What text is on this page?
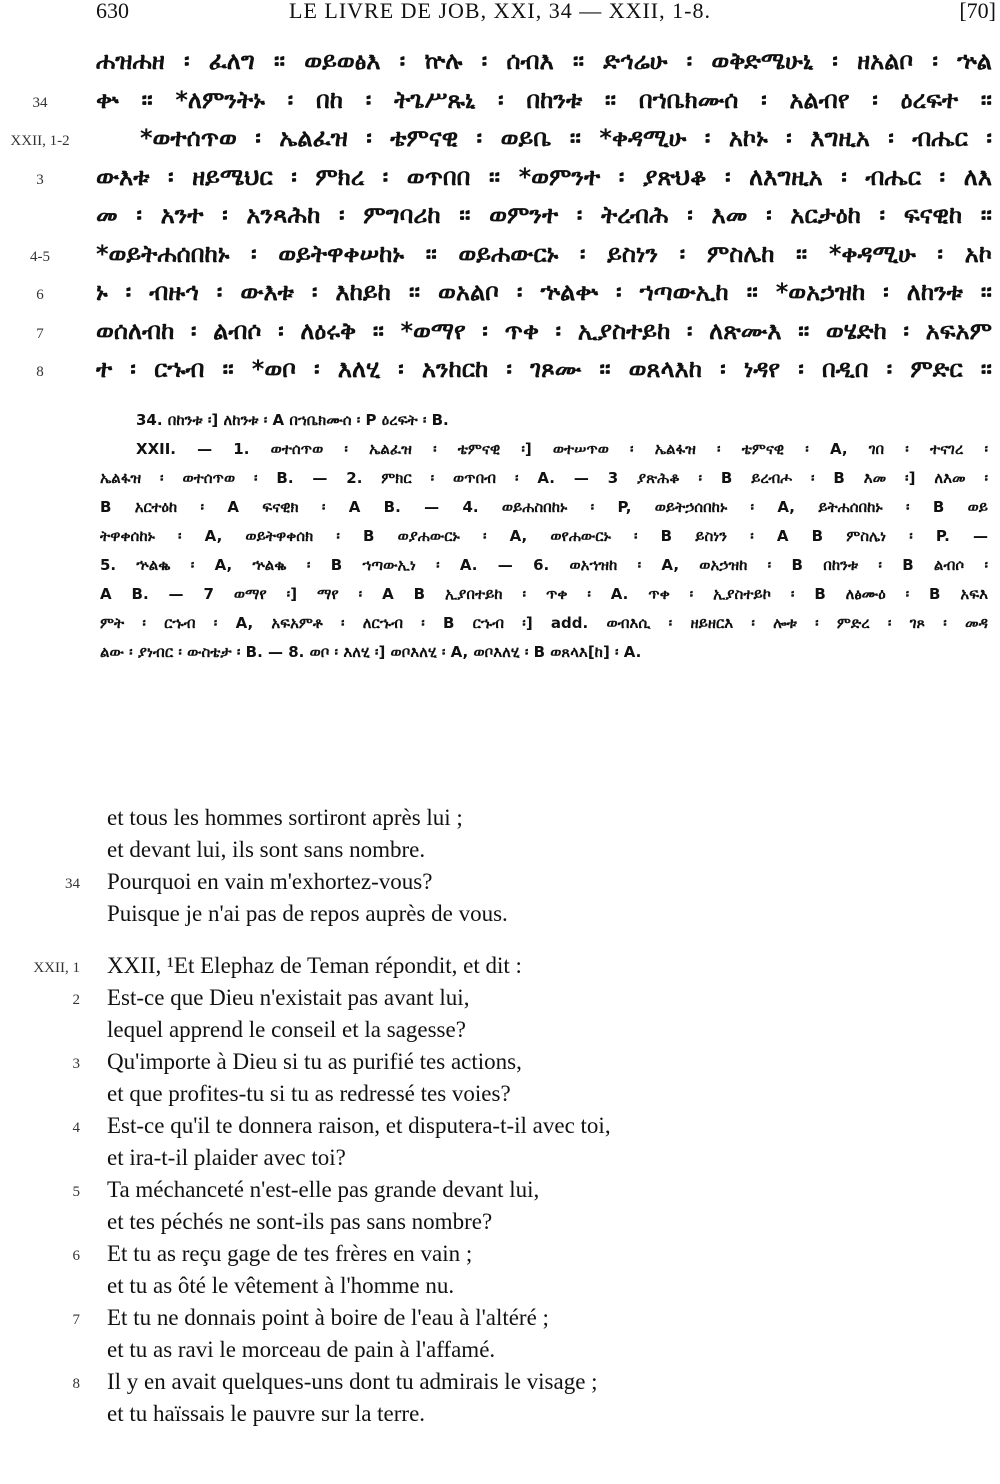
630	LE LIVRE DE JOB, XXI, 34 — XXII, 1-8.	[70]
ሐዝሐዘ ፡ ፈለግ ። ወይወፅእ ፡ ኵሉ ፡ ሰብእ ። ድኅሬሁ ፡ ወቅድሜሁኒ ፡ ዘአልቦ ፡ ኍል
34	ቍ ። *ለምንትኑ ፡ በከ ፡ ትጌሥጹኒ ፡ በከንቱ ። በኀቤክሙሰ ፡ አልብየ ፡ ዕረፍተ ።
XXII, 1-2	*ወተሰጥወ ፡ ኤልፈዝ ፡ ቴምናዊ ፡ ወይቤ ። *ቀዳሚሁ ፡ አኮኑ ፡ እግዚአ ፡ ብሔር ፡
3	ውእቱ ፡ ዘይሜህር ፡ ምክረ ፡ ወጥበበ ። *ወምንተ ፡ ያጽህቆ ፡ ለእግዚአ ፡ ብሔር ፡ ለእ
መ ፡ አንተ ፡ አንጻሕከ ፡ ምግባሪከ ። ወምንተ ፡ ትረብሕ ፡ እመ ፡ አርታዕከ ፡ ፍናዊከ ።
4-5	*ወይትሐሰበከኑ ፡ ወይትዋቀሠከኑ ። ወይሐውርኑ ፡ ይስነን ፡ ምስሌከ ። *ቀዳሚሁ ፡ አኮ
6	ኑ ፡ ብዙኅ ፡ ውእቱ ፡ እከይከ ። ወአልቦ ፡ ኍልቍ ፡ ኀጣውኢከ ። *ወአኃዝከ ፡ ለከንቱ ።
7	ወሰለብከ ፡ ልብሶ ፡ ለዕሩቅ ። *ወማየ ፡ ጥቀ ፡ ኢያስተይከ ፡ ለጽሙእ ። ወሄድከ ፡ አፍአም
8	ተ ፡ ርኁብ ። *ወቦ ፡ እለሂ ፡ አንከርከ ፡ ገጾሙ ። ወጸላእከ ፡ ነዳየ ፡ በዲበ ፡ ምድር ።
34. በከንቱ ፡] ለከንቱ ፡ A በኀቤክሙሰ ፡ P ዕረፍት ፡ B.
XXII. — 1. ወተሰጥወ ፡ ኤልፈዝ ፡ ቴምናዊ ፡] ወተሠጥወ ፡ ኤልፋዝ ፡ ቴምናዊ ፡ A, ገበ ፡ ተናገረ ፡
ኤልፋዝ ፡ ወተሰጥወ ፡ B. — 2. ምክር ፡ ወጥበብ ፡ A. — 3 ያጽሕቆ ፡ B ይረብሖ ፡ B እመ ፡] ለእመ ፡
B አርተዕከ ፡ A ፍናዊክ ፡ A B. — 4. ወይሐስበከኑ ፡ P, ወይትኃሰበከኑ ፡ A, ይትሐሰበከኑ ፡ B ወይ
ትዋቀሰከኑ ፡ A, ወይትዋቀሰክ ፡ B ወያሐውርኑ ፡ A, ወየሐውርኑ ፡ B ይስነን ፡ A B ምስሌነ ፡ P. —
5. ኍልቈ ፡ A, ኍልቈ ፡ B ኀጣውኢነ ፡ A. — 6. ወአኀዝከ ፡ A, ወአኃዝከ ፡ B በከንቱ ፡ B ልብሶ ፡
A B. — 7 ወማየ ፡] ማየ ፡ A B ኢያበተይከ ፡ ጥቀ ፡ A. ጥቀ ፡ ኢያስተይኮ ፡ B ለፅሙዕ ፡ B አፍእ
ምት ፡ ርኁብ ፡ A, አፍአምቶ ፡ ለርኁብ ፡ B ርኁብ ፡] add. ወብእሲ ፡ ዘይዘርእ ፡ ሎቱ ፡ ምድረ ፡ ገጾ ፡ መዳ
ልው ፡ ያነብር ፡ ውስቴታ ፡ B. — 8. ወቦ ፡ እለሂ ፡] ወቦእለሂ ፡ A, ወቦእለሂ ፡ B ወጸላእ[ከ] ፡ A.
et tous les hommes sortiront après lui ;
et devant lui, ils sont sans nombre.
34 Pourquoi en vain m'exhortez-vous?
Puisque je n'ai pas de repos auprès de vous.
XXII, 1 XXII, ¹Et Elephaz de Teman répondit, et dit :
2 Est-ce que Dieu n'existait pas avant lui,
lequel apprend le conseil et la sagesse?
3 Qu'importe à Dieu si tu as purifié tes actions,
et que profites-tu si tu as redressé tes voies?
4 Est-ce qu'il te donnera raison, et disputera-t-il avec toi,
et ira-t-il plaider avec toi?
5 Ta méchanceté n'est-elle pas grande devant lui,
et tes péchés ne sont-ils pas sans nombre?
6 Et tu as reçu gage de tes frères en vain ;
et tu as ôté le vêtement à l'homme nu.
7 Et tu ne donnais point à boire de l'eau à l'altéré ;
et tu as ravi le morceau de pain à l'affamé.
8 Il y en avait quelques-uns dont tu admirais le visage ;
et tu haïssais le pauvre sur la terre.
